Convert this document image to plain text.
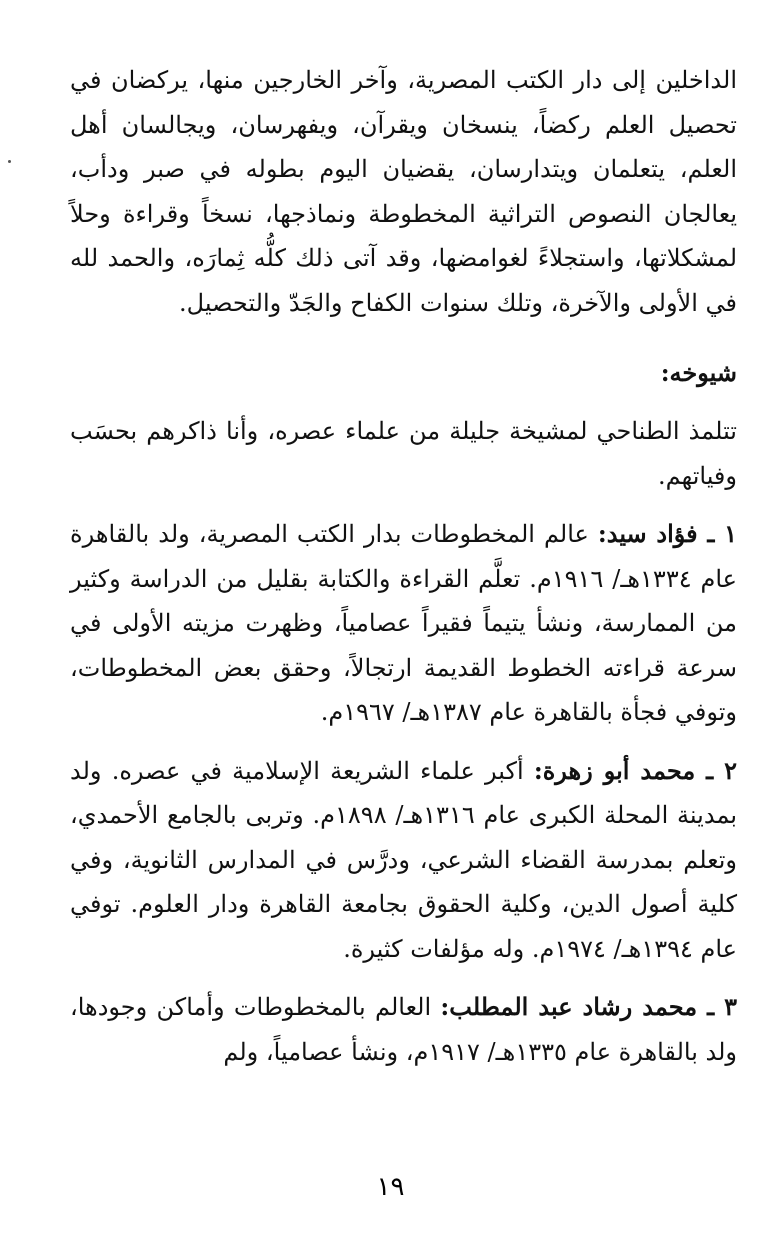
الداخلين إلى دار الكتب المصرية، وآخر الخارجين منها، يركضان في تحصيل العلم ركضاً، ينسخان ويقرآن، ويفهرسان، ويجالسان أهل العلم، يتعلمان ويتدارسان، يقضيان اليوم بطوله في صبر ودأب، يعالجان النصوص التراثية المخطوطة ونماذجها، نسخاً وقراءة وحلاً لمشكلاتها، واستجلاءً لغوامضها، وقد آتى ذلك كلُّه ثِمارَه، والحمد لله في الأولى والآخرة، وتلك سنوات الكفاح والجَدّ والتحصيل.

شيوخه:

تتلمذ الطناحي لمشيخة جليلة من علماء عصره، وأنا ذاكرهم بحسَب وفياتهم.

١ ـ فؤاد سيد: عالم المخطوطات بدار الكتب المصرية، ولد بالقاهرة عام ١٣٣٤هـ/ ١٩١٦م. تعلَّم القراءة والكتابة بقليل من الدراسة وكثير من الممارسة، ونشأ يتيماً فقيراً عصامياً، وظهرت مزيته الأولى في سرعة قراءته الخطوط القديمة ارتجالاً، وحقق بعض المخطوطات، وتوفي فجأة بالقاهرة عام ١٣٨٧هـ/ ١٩٦٧م.

٢ ـ محمد أبو زهرة: أكبر علماء الشريعة الإسلامية في عصره. ولد بمدينة المحلة الكبرى عام ١٣١٦هـ/ ١٨٩٨م. وتربى بالجامع الأحمدي، وتعلم بمدرسة القضاء الشرعي، ودرَّس في المدارس الثانوية، وفي كلية أصول الدين، وكلية الحقوق بجامعة القاهرة ودار العلوم. توفي عام ١٣٩٤هـ/ ١٩٧٤م. وله مؤلفات كثيرة.

٣ ـ محمد رشاد عبد المطلب: العالم بالمخطوطات وأماكن وجودها، ولد بالقاهرة عام ١٣٣٥هـ/ ١٩١٧م، ونشأ عصامياً، ولم

١٩
